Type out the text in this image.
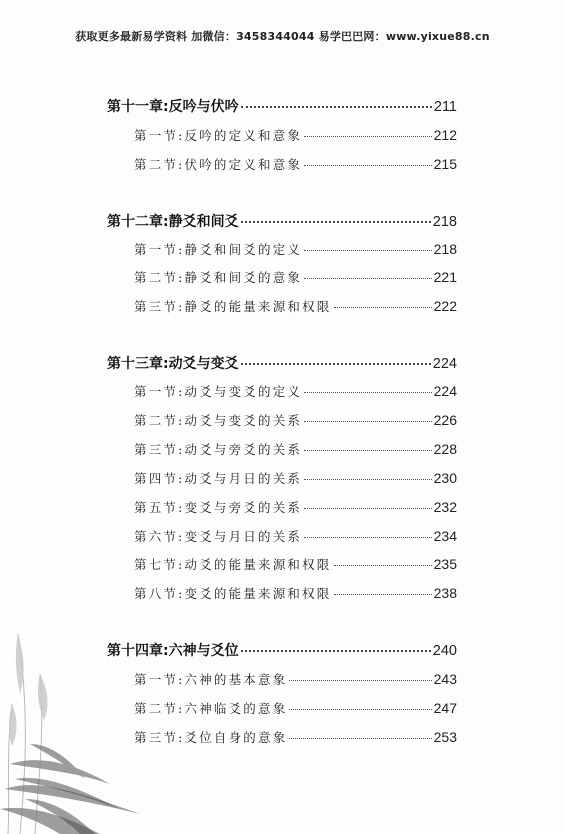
获取更多最新易学资料 加微信：3458344044 易学巴巴网：www.yixue88.cn
第十一章:反吟与伏吟	211
第一节:反吟的定义和意象	212
第二节:伏吟的定义和意象	215
第十二章:静爻和间爻	218
第一节:静爻和间爻的定义	218
第二节:静爻和间爻的意象	221
第三节:静爻的能量来源和权限	222
第十三章:动爻与变爻	224
第一节:动爻与变爻的定义	224
第二节:动爻与变爻的关系	226
第三节:动爻与旁爻的关系	228
第四节:动爻与月日的关系	230
第五节:变爻与旁爻的关系	232
第六节:变爻与月日的关系	234
第七节:动爻的能量来源和权限	235
第八节:变爻的能量来源和权限	238
第十四章:六神与爻位	240
第一节:六神的基本意象	243
第二节:六神临爻的意象	247
第三节:爻位自身的意象	253
